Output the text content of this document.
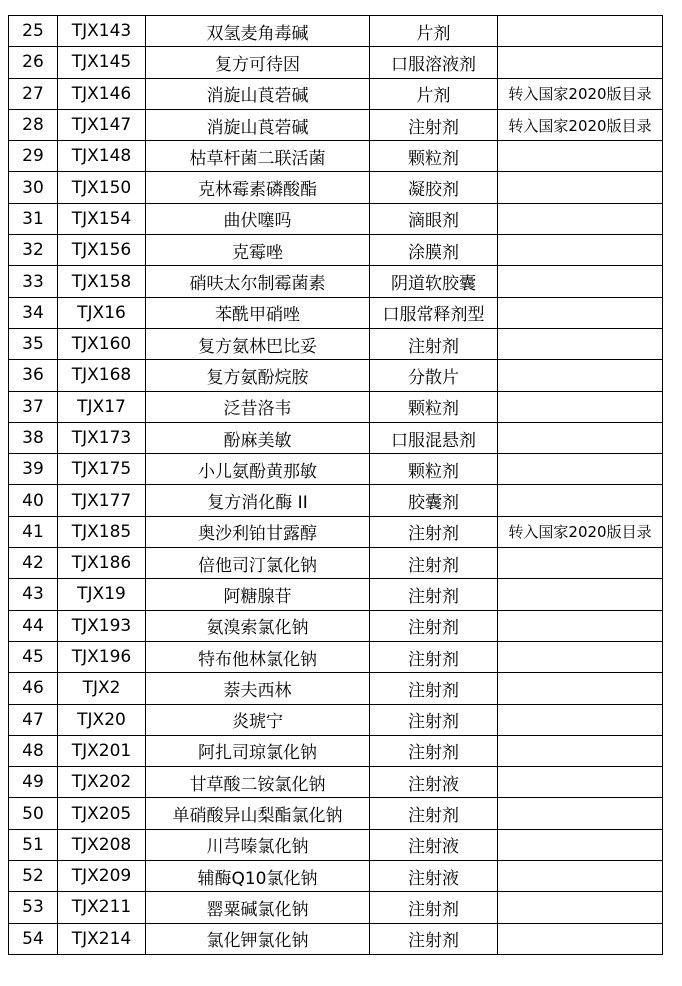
25	TJX143	双氢麦角毒碱	片剂	
26	TJX145	复方可待因	口服溶液剂	
27	TJX146	消旋山莨菪碱	片剂	转入国家2020版目录
28	TJX147	消旋山莨菪碱	注射剂	转入国家2020版目录
29	TJX148	枯草杆菌二联活菌	颗粒剂	
30	TJX150	克林霉素磷酸酯	凝胶剂	
31	TJX154	曲伏噻吗	滴眼剂	
32	TJX156	克霉唑	涂膜剂	
33	TJX158	硝呋太尔制霉菌素	阴道软胶囊	
34	TJX16	苯酰甲硝唑	口服常释剂型	
35	TJX160	复方氨林巴比妥	注射剂	
36	TJX168	复方氨酚烷胺	分散片	
37	TJX17	泛昔洛韦	颗粒剂	
38	TJX173	酚麻美敏	口服混悬剂	
39	TJX175	小儿氨酚黄那敏	颗粒剂	
40	TJX177	复方消化酶 II	胶囊剂	
41	TJX185	奥沙利铂甘露醇	注射剂	转入国家2020版目录
42	TJX186	倍他司汀氯化钠	注射剂	
43	TJX19	阿糖腺苷	注射剂	
44	TJX193	氨溴索氯化钠	注射剂	
45	TJX196	特布他林氯化钠	注射剂	
46	TJX2	萘夫西林	注射剂	
47	TJX20	炎琥宁	注射剂	
48	TJX201	阿扎司琼氯化钠	注射剂	
49	TJX202	甘草酸二铵氯化钠	注射液	
50	TJX205	单硝酸异山梨酯氯化钠	注射剂	
51	TJX208	川芎嗪氯化钠	注射液	
52	TJX209	辅酶Q10氯化钠	注射液	
53	TJX211	罂粟碱氯化钠	注射剂	
54	TJX214	氯化钾氯化钠	注射剂	
